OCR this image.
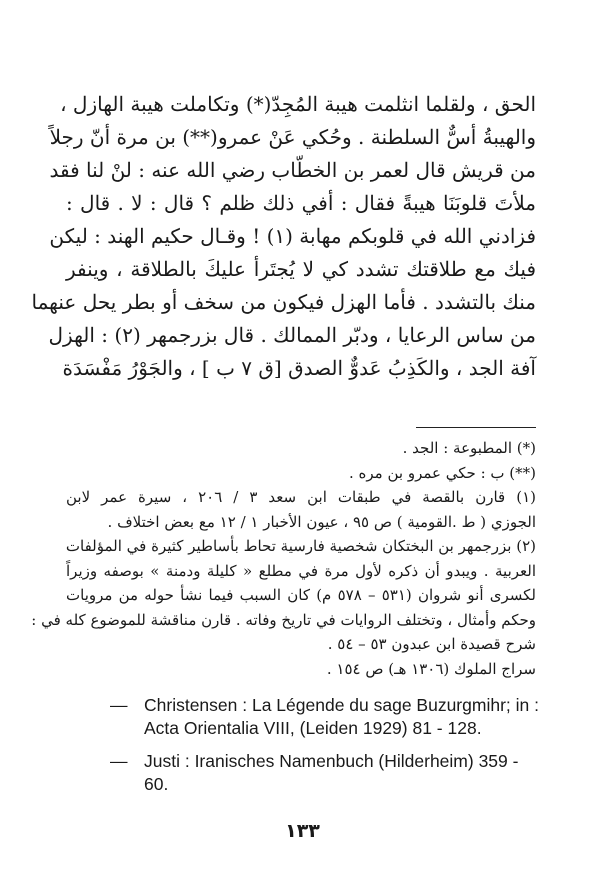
الحق ، ولقلما انثلمت هيبة المُجِدّ(*) وتكاملت هيبة الهازل ،
والهيبةُ أسٌّ السلطنة . وحُكي عَنْ عمرو(**) بن مرة أنّ رجلاً
من قريش قال لعمر بن الخطّاب رضي الله عنه : لنْ لنا فقد
ملأتَ قلوبَنَا هيبةً فقال : أفي ذلك ظلم ؟ قال : لا . قال :
فزادني الله في قلوبكم مهابة (١) ! وقـال حكيم الهند : ليكن
فيك مع طلاقتك تشدد كي لا يُجتَرأ عليكَ بالطلاقة ، وينفر
منك بالتشدد . فأما الهزل فيكون من سخف أو بطر يحل عنهما
من ساس الرعايا ، ودبّر الممالك . قال بزرجمهر (٢) : الهزل
آفة الجد ، والكَذِبُ عَدوٌّ الصدق [ق ٧ ب ] ، والجَوْرُ مَفْسَدَة
(*) المطبوعة : الجد .
(**) ب : حكي عمرو بن مره .
(١) قارن بالقصة في طبقات ابن سعد ٣ / ٢٠٦ ، سيرة عمر لابن
الجوزي ( ط .القومية ) ص ٩٥ ، عيون الأخبار ١ / ١٢ مع بعض اختلاف .
(٢) بزرجمهر بن البختكان شخصية فارسية تحاط بأساطير كثيرة في المؤلفات
العربية . ويبدو أن ذكره لأول مرة في مطلع « كليلة ودمنة » بوصفه وزيراً
لكسرى أنو شروان (٥٣١ – ٥٧٨ م) كان السبب فيما نشأ حوله من مرويات
وحكم وأمثال ، وتختلف الروايات في تاريخ وفاته . قارن مناقشة للموضوع كله في :
شرح قصيدة ابن عبدون ٥٣ – ٥٤ .
سراج الملوك (١٣٠٦ هـ) ص ١٥٤ .
— Christensen : La Légende du sage Buzurgmihr; in : Acta Orientalia VIII, (Leiden 1929) 81 - 128.
— Justi : Iranisches Namenbuch (Hilderheim) 359 - 60.
١٣٣
